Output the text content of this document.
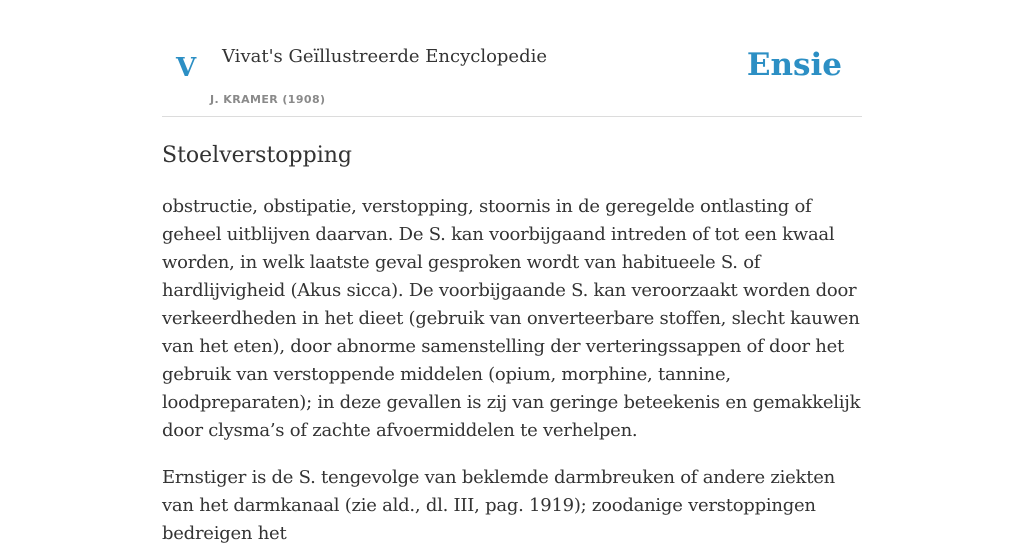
V Vivat's Geïllustreerde Encyclopedie
J. KRAMER (1908)
Ensie
Stoelverstopping

obstructie, obstipatie, verstopping, stoornis in de geregelde ontlasting of geheel uitblijven daarvan. De S. kan voorbijgaand intreden of tot een kwaal worden, in welk laatste geval gesproken wordt van habitueele S. of hardlijvigheid (Akus sicca). De voorbijgaande S. kan veroorzaakt worden door verkeerdheden in het dieet (gebruik van onverteerbare stoffen, slecht kauwen van het eten), door abnorme samenstelling der verteringssappen of door het gebruik van verstoppende middelen (opium, morphine, tannine, loodpreparaten); in deze gevallen is zij van geringe beteekenis en gemakkelijk door clysma’s of zachte afvoermiddelen te verhelpen.

Ernstiger is de S. tengevolge van beklemde darmbreuken of andere ziekten van het darmkanaal (zie ald., dl. III, pag. 1919); zoodanige verstoppingen bedreigen het
